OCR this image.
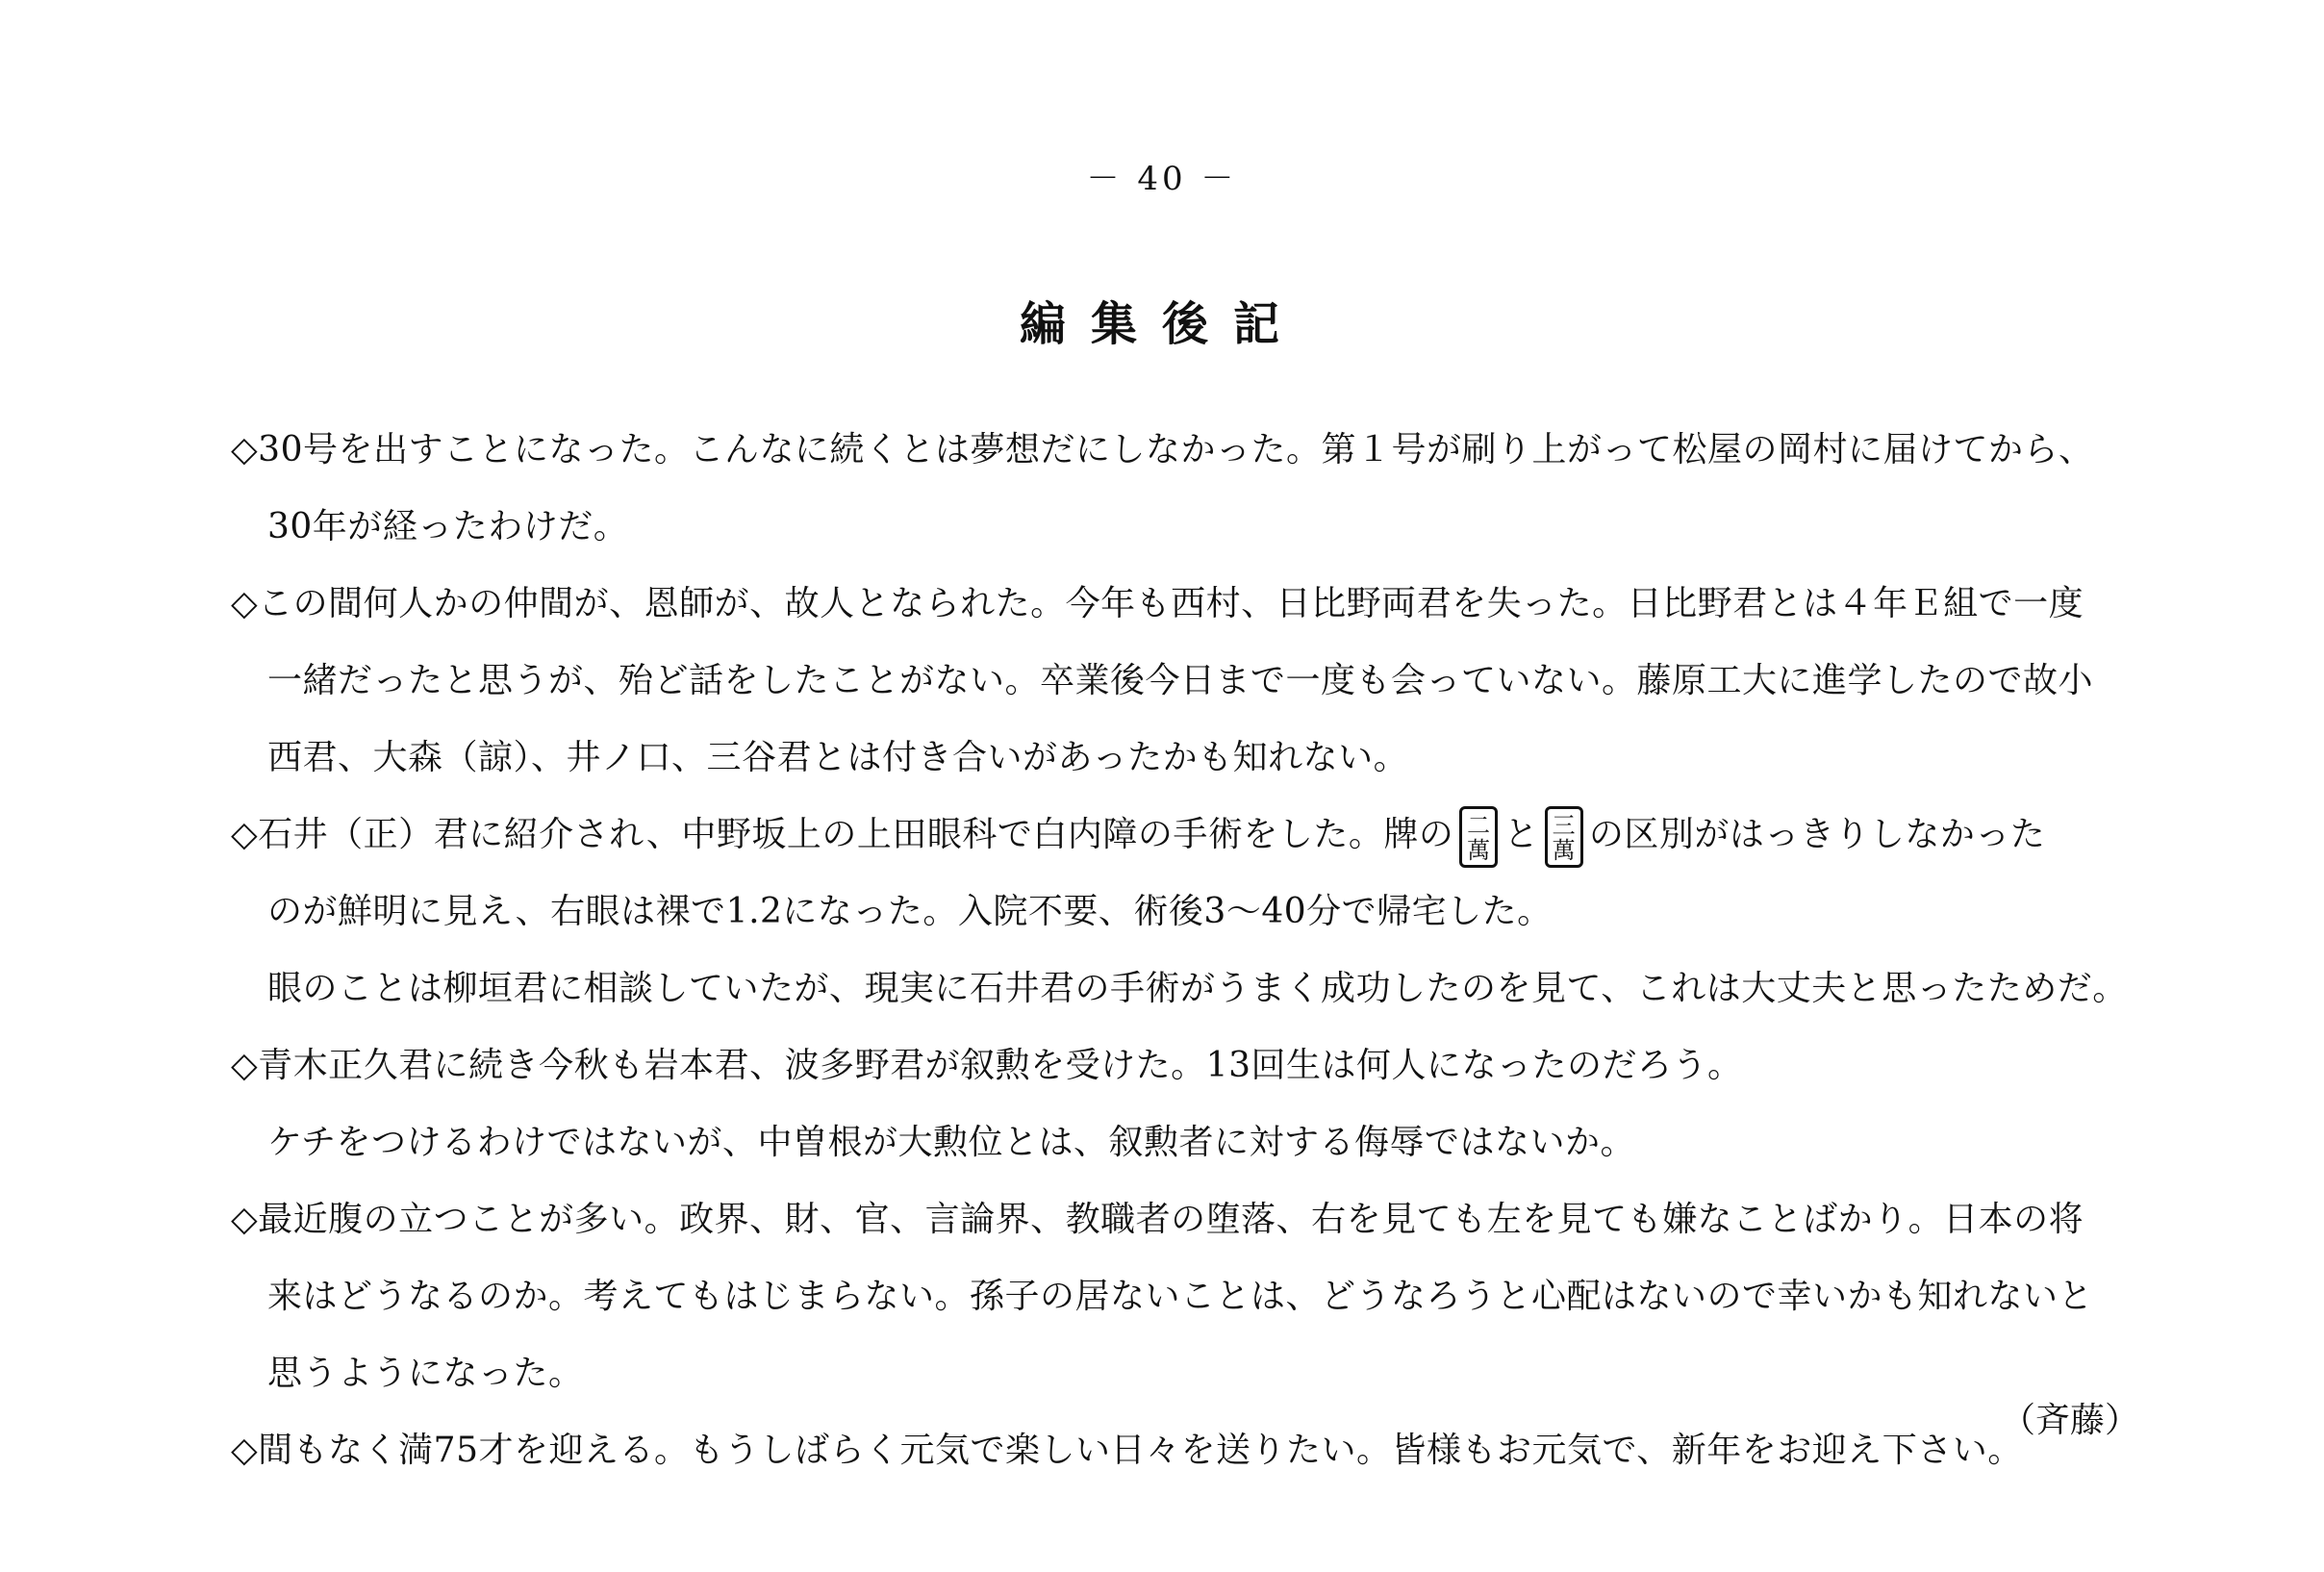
－ 40 －
編集後記
◇30号を出すことになった。こんなに続くとは夢想だにしなかった。第１号が刷り上がって松屋の岡村に届けてから、
30年が経ったわけだ。
◇この間何人かの仲間が、恩師が、故人となられた。今年も西村、日比野両君を失った。日比野君とは４年Ｅ組で一度
一緒だったと思うが、殆ど話をしたことがない。卒業後今日まで一度も会っていない。藤原工大に進学したので故小
西君、大森（諒）、井ノ口、三谷君とは付き合いがあったかも知れない。
◇石井（正）君に紹介され、中野坂上の上田眼科で白内障の手術をした。牌の 二
萬 と 三
萬 の区別がはっきりしなかった
のが鮮明に見え、右眼は裸で1.2になった。入院不要、術後3～40分で帰宅した。
眼のことは柳垣君に相談していたが、現実に石井君の手術がうまく成功したのを見て、これは大丈夫と思ったためだ。
◇青木正久君に続き今秋も岩本君、波多野君が叙勲を受けた。13回生は何人になったのだろう。
ケチをつけるわけではないが、中曽根が大勲位とは、叙勲者に対する侮辱ではないか。
◇最近腹の立つことが多い。政界、財、官、言論界、教職者の堕落、右を見ても左を見ても嫌なことばかり。日本の将
来はどうなるのか。考えてもはじまらない。孫子の居ないことは、どうなろうと心配はないので幸いかも知れないと
思うようになった。
◇間もなく満75才を迎える。もうしばらく元気で楽しい日々を送りたい。皆様もお元気で、新年をお迎え下さい。
（斉藤）
